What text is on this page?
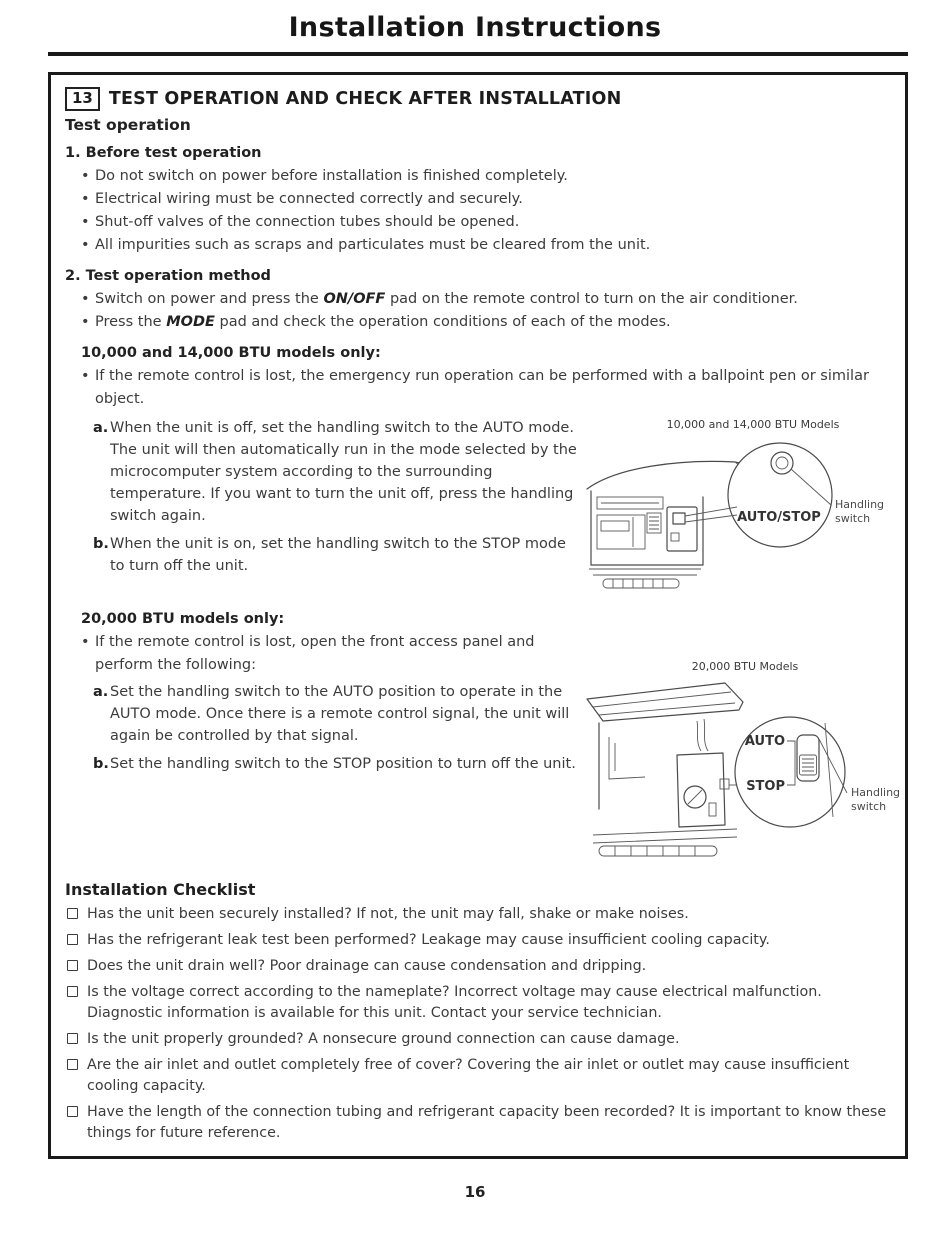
Installation Instructions
13 TEST OPERATION AND CHECK AFTER INSTALLATION
Test operation
1. Before test operation
• Do not switch on power before installation is finished completely.
• Electrical wiring must be connected correctly and securely.
• Shut-off valves of the connection tubes should be opened.
• All impurities such as scraps and particulates must be cleared from the unit.
2. Test operation method
• Switch on power and press the ON/OFF pad on the remote control to turn on the air conditioner.
• Press the MODE pad and check the operation conditions of each of the modes.
10,000 and 14,000 BTU models only:
• If the remote control is lost, the emergency run operation can be performed with a ballpoint pen or similar object.
a. When the unit is off, set the handling switch to the AUTO mode. The unit will then automatically run in the mode selected by the microcomputer system according to the surrounding temperature. If you want to turn the unit off, press the handling switch again.
b. When the unit is on, set the handling switch to the STOP mode to turn off the unit.
10,000 and 14,000 BTU Models
AUTO/STOP
Handling
switch
20,000 BTU models only:
• If the remote control is lost, open the front access panel and perform the following:
a. Set the handling switch to the AUTO position to operate in the AUTO mode. Once there is a remote control signal, the unit will again be controlled by that signal.
b. Set the handling switch to the STOP position to turn off the unit.
20,000 BTU Models
AUTO
STOP	Handling
switch
Installation Checklist
Has the unit been securely installed? If not, the unit may fall, shake or make noises.
Has the refrigerant leak test been performed? Leakage may cause insufficient cooling capacity.
Does the unit drain well? Poor drainage can cause condensation and dripping.
Is the voltage correct according to the nameplate? Incorrect voltage may cause electrical malfunction. Diagnostic information is available for this unit. Contact your service technician.
Is the unit properly grounded? A nonsecure ground connection can cause damage.
Are the air inlet and outlet completely free of cover? Covering the air inlet or outlet may cause insufficient cooling capacity.
Have the length of the connection tubing and refrigerant capacity been recorded? It is important to know these things for future reference.
16
